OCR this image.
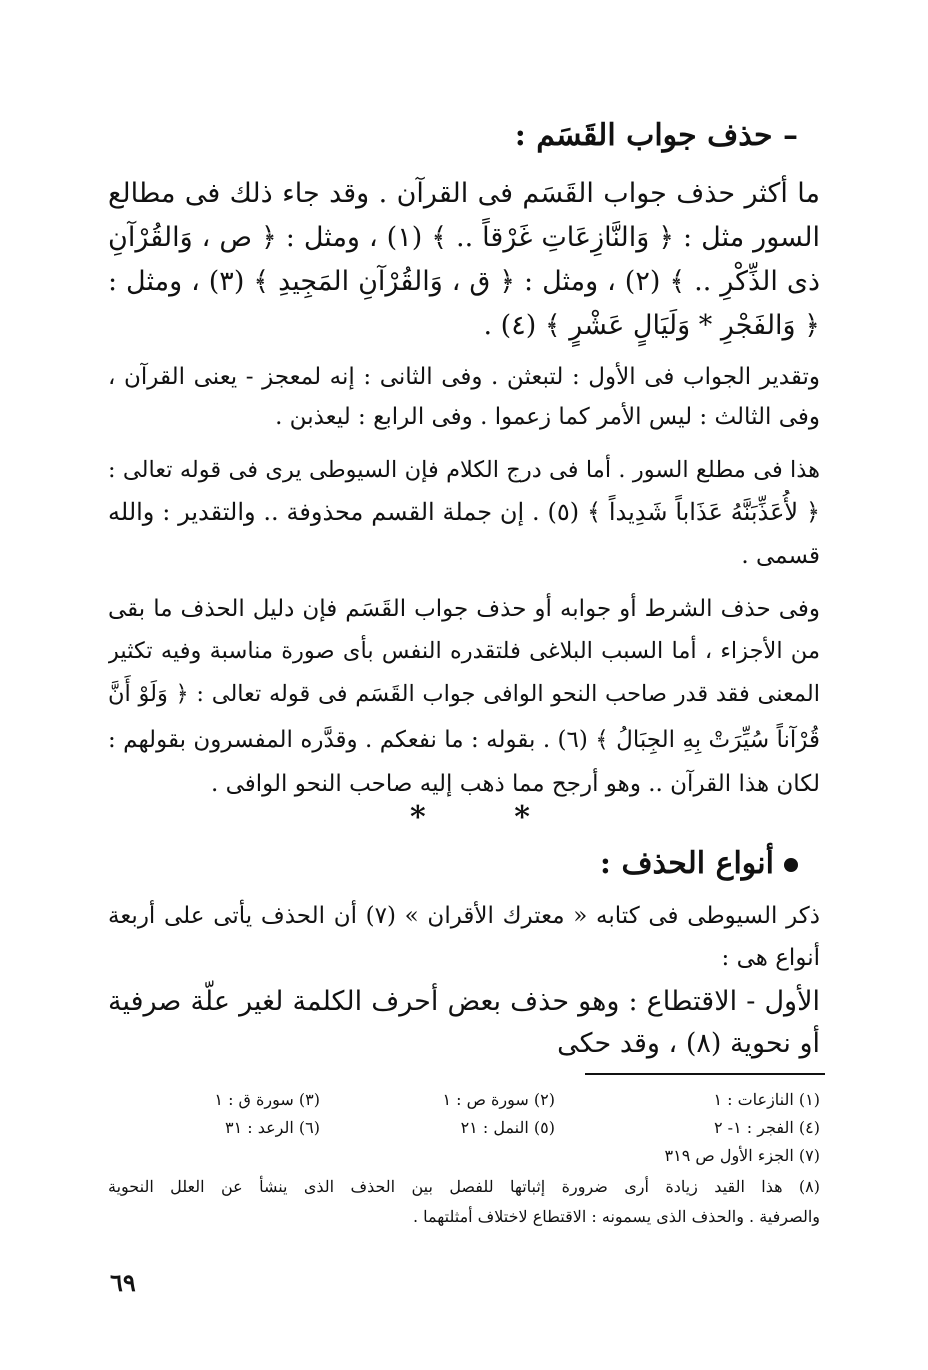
– حذف جواب القَسَم :
ما أكثر حذف جواب القَسَم فى القرآن . وقد جاء ذلك فى مطالع
السور مثل : ﴿ وَالنَّازِعَاتِ غَرْقاً .. ﴾ (١) ، ومثل : ﴿ ص ، وَالقُرْآنِ
ذى الذِّكْرِ .. ﴾ (٢) ، ومثل : ﴿ ق ، وَالقُرْآنِ المَجِيدِ ﴾ (٣) ، ومثل :
﴿ وَالفَجْرِ * وَلَيَالٍ عَشْرٍ ﴾ (٤) .
وتقدير الجواب فى الأول : لتبعثن . وفى الثانى : إنه لمعجز - يعنى القرآن ،
وفى الثالث : ليس الأمر كما زعموا . وفى الرابع : ليعذبن .
هذا فى مطلع السور . أما فى درج الكلام فإن السيوطى يرى فى قوله تعالى :
﴿ لأُعَذِّبَنَّهُ عَذَاباً شَدِيداً ﴾ (٥) . إن جملة القسم محذوفة .. والتقدير : والله
قسمى .
وفى حذف الشرط أو جوابه أو حذف جواب القَسَم فإن دليل الحذف ما بقى
من الأجزاء ، أما السبب البلاغى فلتقدره النفس بأى صورة مناسبة وفيه تكثير
المعنى فقد قدر صاحب النحو الوافى جواب القَسَم فى قوله تعالى : ﴿ وَلَوْ أَنَّ
قُرْآناً سُيِّرَتْ بِهِ الجِبَالُ ﴾ (٦) . بقوله : ما نفعكم . وقدَّره المفسرون بقولهم :
لكان هذا القرآن .. وهو أرجح مما ذهب إليه صاحب النحو الوافى .
*
*
أنواع الحذف :
ذكر السيوطى فى كتابه « معترك الأقران » (٧) أن الحذف يأتى على أربعة
أنواع هى :
الأول - الاقتطاع : وهو حذف بعض أحرف الكلمة لغير علَّة صرفية
أو نحوية (٨) ، وقد حكى
(١) النازعات : ١
(٢) سورة ص : ١
(٣) سورة ق : ١
(٤) الفجر : ١- ٢
(٥) النمل : ٢١
(٦) الرعد : ٣١
(٧) الجزء الأول ص ٣١٩
(٨) هذا القيد زيادة أرى ضرورة إثباتها للفصل بين الحذف الذى ينشأ عن العلل النحوية
والصرفية . والحذف الذى يسمونه : الاقتطاع لاختلاف أمثلتهما .
٦٩
